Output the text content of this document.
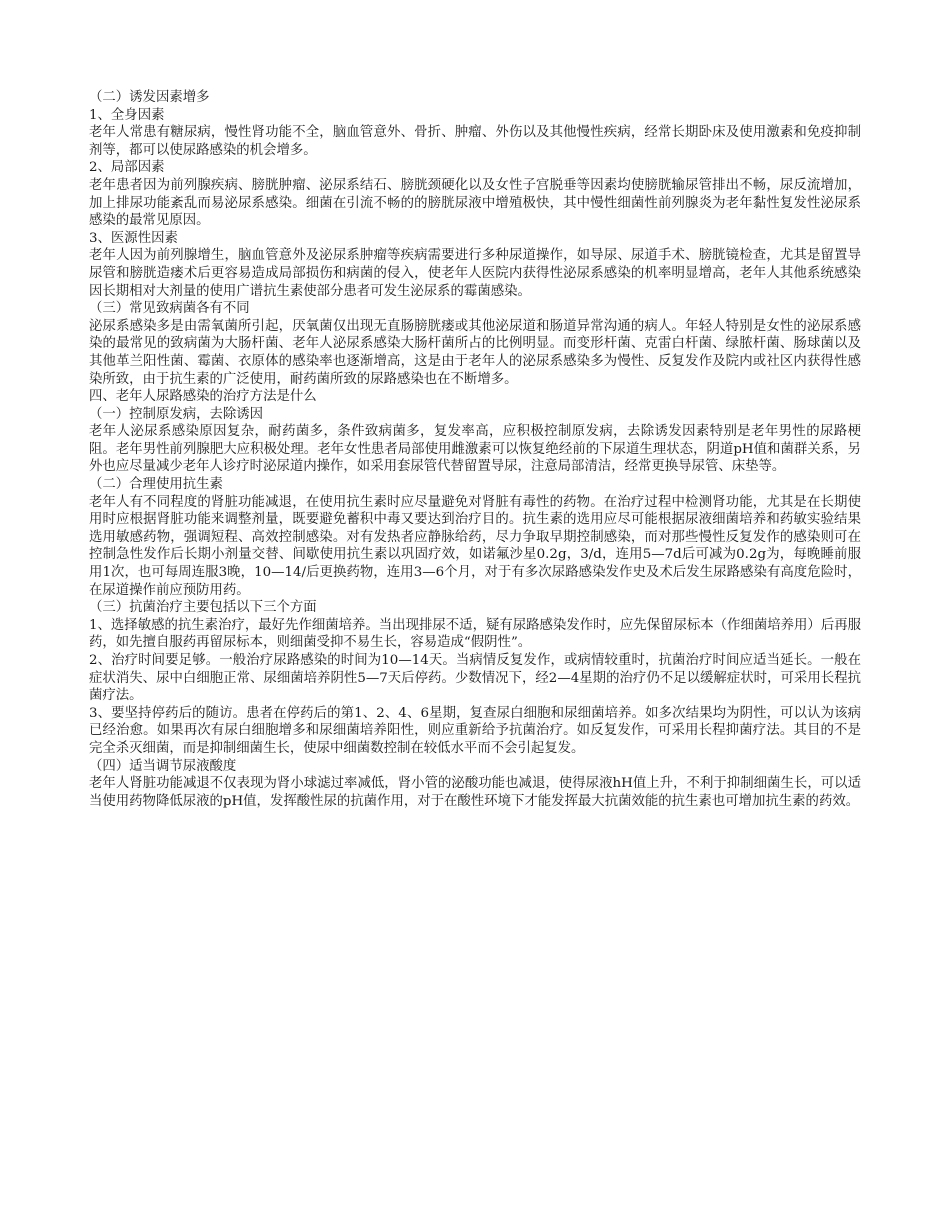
（二）诱发因素增多

1、全身因素

老年人常患有糖尿病，慢性肾功能不全，脑血管意外、骨折、肿瘤、外伤以及其他慢性疾病，经常长期卧床及使用激素和免疫抑制剂等，都可以使尿路感染的机会增多。

2、局部因素

老年患者因为前列腺疾病、膀胱肿瘤、泌尿系结石、膀胱颈硬化以及女性子宫脱垂等因素均使膀胱输尿管排出不畅，尿反流增加，加上排尿功能紊乱而易泌尿系感染。细菌在引流不畅的的膀胱尿液中增殖极快，其中慢性细菌性前列腺炎为老年黏性复发性泌尿系感染的最常见原因。

3、医源性因素

老年人因为前列腺增生，脑血管意外及泌尿系肿瘤等疾病需要进行多种尿道操作，如导尿、尿道手术、膀胱镜检查，尤其是留置导尿管和膀胱造瘘术后更容易造成局部损伤和病菌的侵入，使老年人医院内获得性泌尿系感染的机率明显增高，老年人其他系统感染因长期相对大剂量的使用广谱抗生素使部分患者可发生泌尿系的霉菌感染。

（三）常见致病菌各有不同

泌尿系感染多是由需氧菌所引起，厌氧菌仅出现无直肠膀胱瘘或其他泌尿道和肠道异常沟通的病人。年轻人特别是女性的泌尿系感染的最常见的致病菌为大肠杆菌、老年人泌尿系感染大肠杆菌所占的比例明显。而变形杆菌、克雷白杆菌、绿脓杆菌、肠球菌以及其他革兰阳性菌、霉菌、衣原体的感染率也逐渐增高，这是由于老年人的泌尿系感染多为慢性、反复发作及院内或社区内获得性感染所致，由于抗生素的广泛使用，耐药菌所致的尿路感染也在不断增多。

四、老年人尿路感染的治疗方法是什么

（一）控制原发病，去除诱因

老年人泌尿系感染原因复杂，耐药菌多，条件致病菌多，复发率高，应积极控制原发病，去除诱发因素特别是老年男性的尿路梗阻。老年男性前列腺肥大应积极处理。老年女性患者局部使用雌激素可以恢复绝经前的下尿道生理状态，阴道pH值和菌群关系，另外也应尽量减少老年人诊疗时泌尿道内操作，如采用套尿管代替留置导尿，注意局部清洁，经常更换导尿管、床垫等。

（二）合理使用抗生素

老年人有不同程度的肾脏功能减退，在使用抗生素时应尽量避免对肾脏有毒性的药物。在治疗过程中检测肾功能，尤其是在长期使用时应根据肾脏功能来调整剂量，既要避免蓄积中毒又要达到治疗目的。抗生素的选用应尽可能根据尿液细菌培养和药敏实验结果选用敏感药物，强调短程、高效控制感染。对有发热者应静脉给药，尽力争取早期控制感染，而对那些慢性反复发作的感染则可在控制急性发作后长期小剂量交替、间歇使用抗生素以巩固疗效，如诺氟沙星0.2g，3/d，连用5—7d后可减为0.2g为，每晚睡前服用1次，也可每周连服3晚，10—14/后更换药物，连用3—6个月，对于有多次尿路感染发作史及术后发生尿路感染有高度危险时，在尿道操作前应预防用药。

（三）抗菌治疗主要包括以下三个方面

1、选择敏感的抗生素治疗，最好先作细菌培养。当出现排尿不适，疑有尿路感染发作时，应先保留尿标本（作细菌培养用）后再服药，如先擅自服药再留尿标本，则细菌受抑不易生长，容易造成“假阴性”。

2、治疗时间要足够。一般治疗尿路感染的时间为10—14天。当病情反复发作，或病情较重时，抗菌治疗时间应适当延长。一般在症状消失、尿中白细胞正常、尿细菌培养阴性5—7天后停药。少数情况下，经2—4星期的治疗仍不足以缓解症状时，可采用长程抗菌疗法。

3、要坚持停药后的随访。患者在停药后的第1、2、4、6星期，复查尿白细胞和尿细菌培养。如多次结果均为阴性，可以认为该病已经治愈。如果再次有尿白细胞增多和尿细菌培养阳性，则应重新给予抗菌治疗。如反复发作，可采用长程抑菌疗法。其目的不是完全杀灭细菌，而是抑制细菌生长，使尿中细菌数控制在较低水平而不会引起复发。

（四）适当调节尿液酸度

老年人肾脏功能减退不仅表现为肾小球滤过率减低，肾小管的泌酸功能也减退，使得尿液hH值上升，不利于抑制细菌生长，可以适当使用药物降低尿液的pH值，发挥酸性尿的抗菌作用，对于在酸性环境下才能发挥最大抗菌效能的抗生素也可增加抗生素的药效。
